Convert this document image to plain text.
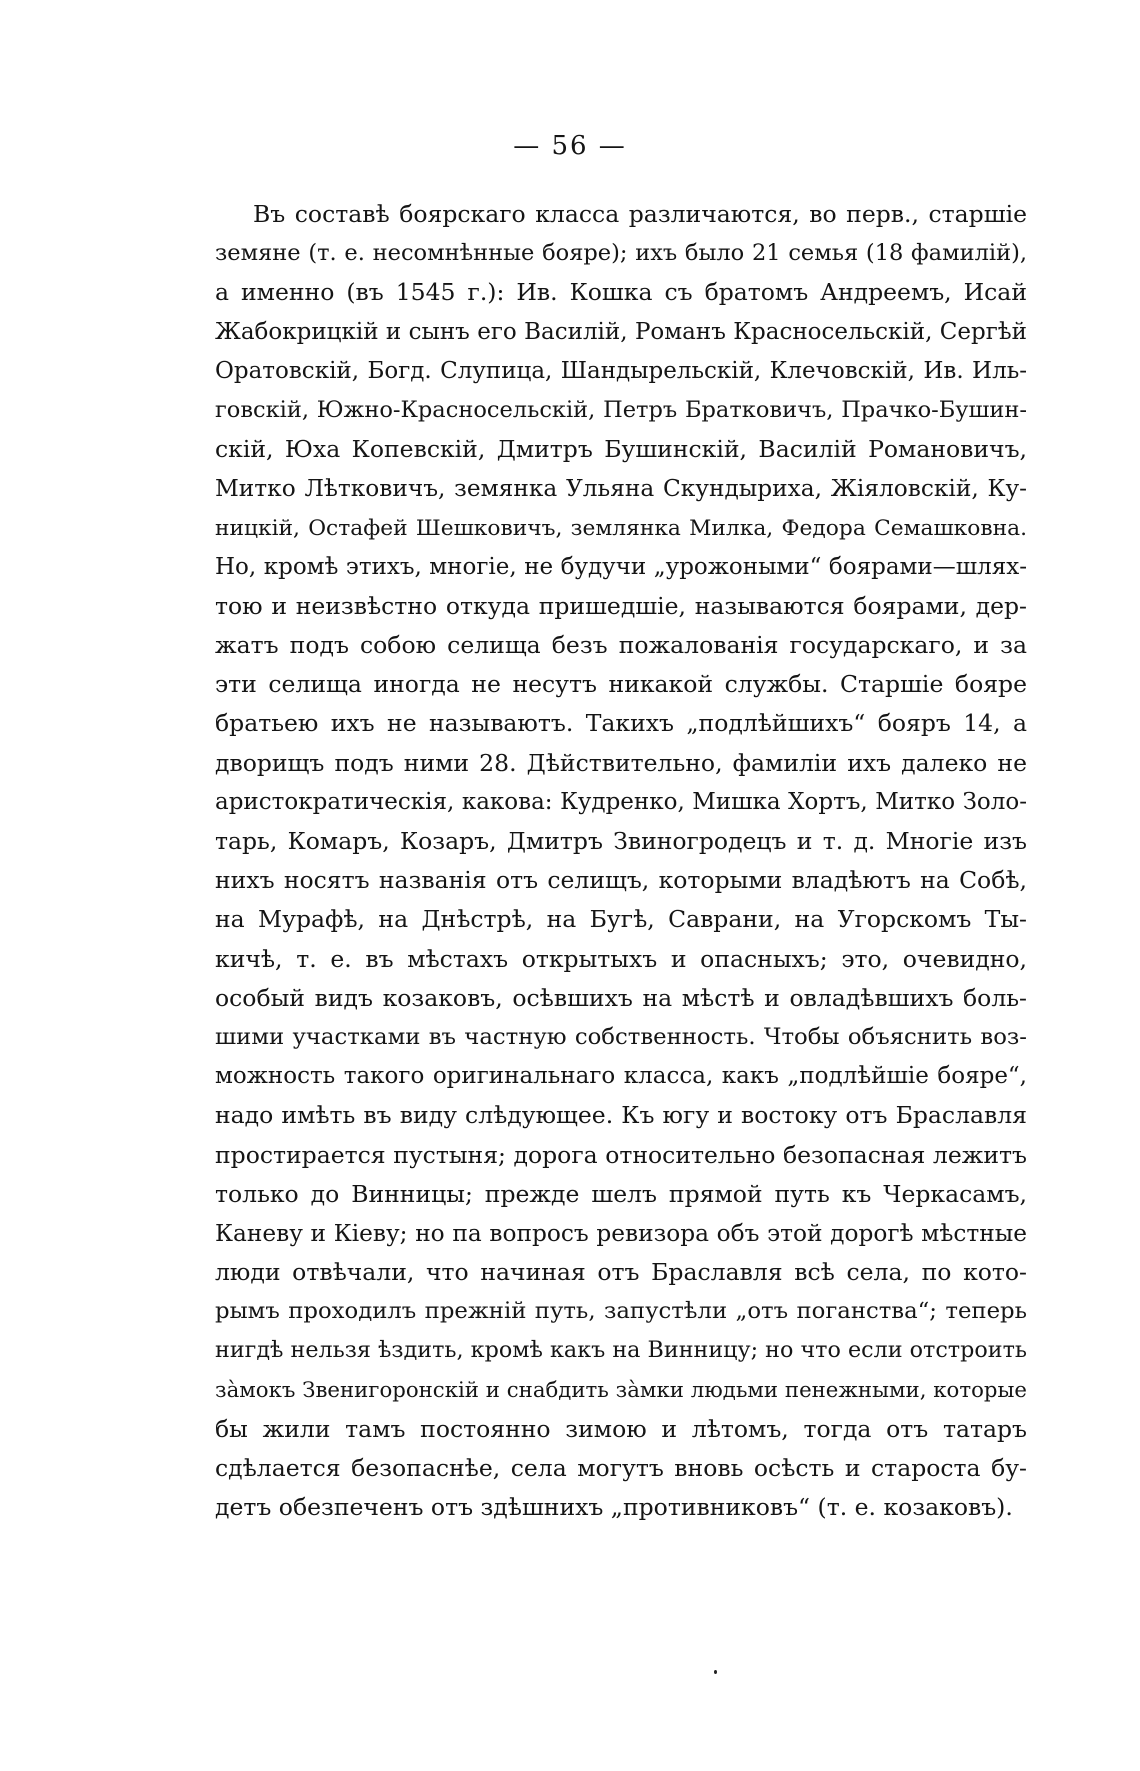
— 56 —
Въ составѣ боярскаго класса различаются, во перв., старшіе
земяне (т. е. несомнѣнные бояре); ихъ было 21 семья (18 фамилій),
а именно (въ 1545 г.): Ив. Кошка съ братомъ Андреемъ, Исай
Жабокрицкій и сынъ его Василій, Романъ Красносельскій, Сергѣй
Оратовскій, Богд. Слупица, Шандырельскій, Клечовскій, Ив. Иль-
говскій, Южно-Красносельскій, Петръ Братковичъ, Прачко-Бушин-
скій, Юха Копевскій, Дмитръ Бушинскій, Василій Романовичъ,
Митко Лѣтковичъ, земянка Ульяна Скундыриха, Жіяловскій, Ку-
ницкій, Остафей Шешковичъ, землянка Милка, Федора Семашковна.
Но, кромѣ этихъ, многіе, не будучи „урожоными“ боярами—шлях-
тою и неизвѣстно откуда пришедшіе, называются боярами, дер-
жатъ подъ собою селища безъ пожалованія государскаго, и за
эти селища иногда не несутъ никакой службы. Старшіе бояре
братьею ихъ не называютъ. Такихъ „подлѣйшихъ“ бояръ 14, а
дворищъ подъ ними 28. Дѣйствительно, фамиліи ихъ далеко не
аристократическія, какова: Кудренко, Мишка Хортъ, Митко Золо-
тарь, Комаръ, Козаръ, Дмитръ Звиногродецъ и т. д. Многіе изъ
нихъ носятъ названія отъ селищъ, которыми владѣютъ на Собѣ,
на Мурафѣ, на Днѣстрѣ, на Бугѣ, Саврани, на Угорскомъ Ты-
кичѣ, т. е. въ мѣстахъ открытыхъ и опасныхъ; это, очевидно,
особый видъ козаковъ, осѣвшихъ на мѣстѣ и овладѣвшихъ боль-
шими участками въ частную собственность. Чтобы объяснить воз-
можность такого оригинальнаго класса, какъ „подлѣйшіе бояре“,
надо имѣть въ виду слѣдующее. Къ югу и востоку отъ Браславля
простирается пустыня; дорога относительно безопасная лежитъ
только до Винницы; прежде шелъ прямой путь къ Черкасамъ,
Каневу и Кіеву; но па вопросъ ревизора объ этой дорогѣ мѣстные
люди отвѣчали, что начиная отъ Браславля всѣ села, по кото-
рымъ проходилъ прежній путь, запустѣли „отъ поганства“; теперь
нигдѣ нельзя ѣздить, кромѣ какъ на Винницу; но что если отстроить
зàмокъ Звенигоронскій и снабдить зàмки людьми пенежными, которые
бы жили тамъ постоянно зимою и лѣтомъ, тогда отъ татаръ
сдѣлается безопаснѣе, села могутъ вновь осѣсть и староста бу-
детъ обезпеченъ отъ здѣшнихъ „противниковъ“ (т. е. козаковъ).
